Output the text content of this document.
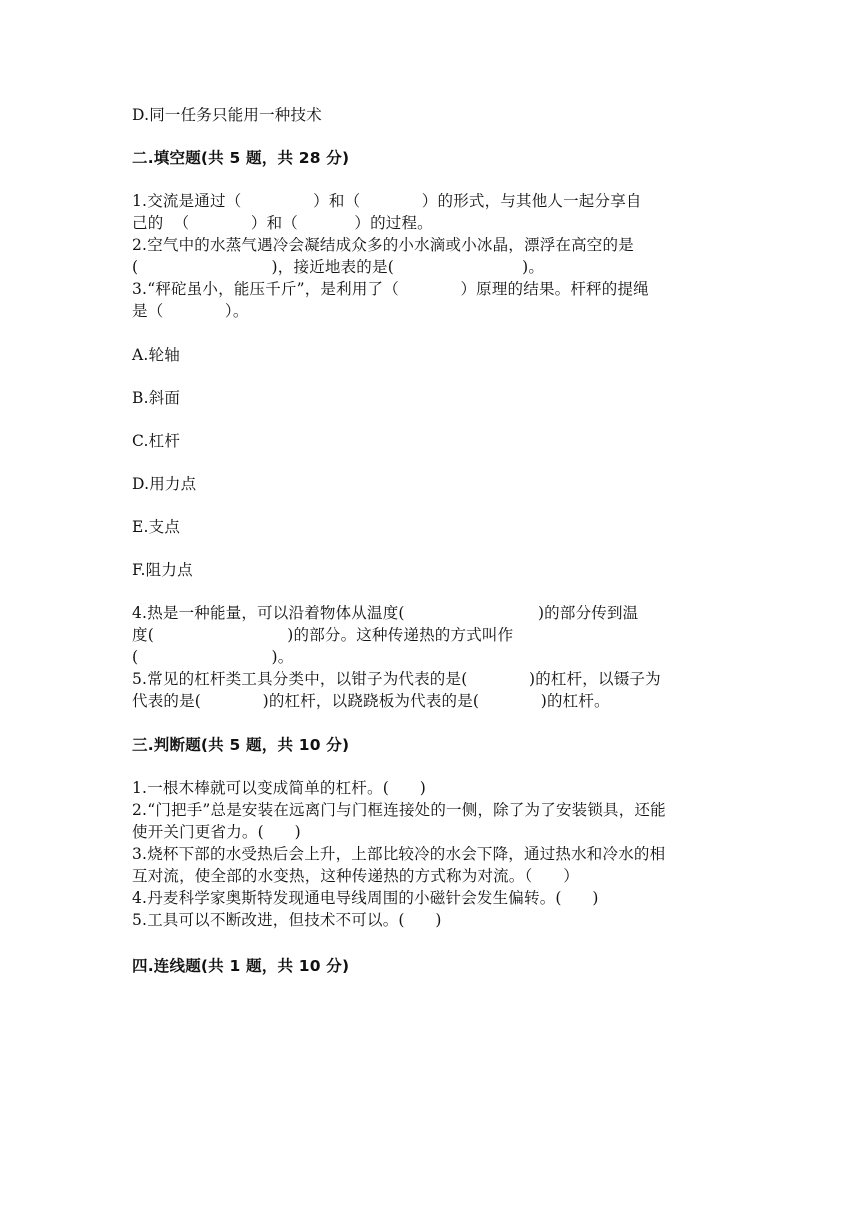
D.同一任务只能用一种技术
二.填空题(共 5 题，共 28 分)
1.交流是通过（              ）和（            ）的形式，与其他人一起分享自
己的  （            ）和（           ）的过程。
2.空气中的水蒸气遇冷会凝结成众多的小水滴或小冰晶，漂浮在高空的是
(                          )，接近地表的是(                         )。
3.“秤砣虽小，能压千斤”，是利用了（            ）原理的结果。杆秤的提绳
是（            ）。
A.轮轴
B.斜面
C.杠杆
D.用力点
E.支点
F.阻力点
4.热是一种能量，可以沿着物体从温度(                          )的部分传到温
度(                          )的部分。这种传递热的方式叫作
(                          )。
5.常见的杠杆类工具分类中，以钳子为代表的是(            )的杠杆，以镊子为
代表的是(            )的杠杆，以跷跷板为代表的是(            )的杠杆。
三.判断题(共 5 题，共 10 分)
1.一根木棒就可以变成简单的杠杆。(      )
2.“门把手”总是安装在远离门与门框连接处的一侧，除了为了安装锁具，还能
使开关门更省力。(      )
3.烧杯下部的水受热后会上升，上部比较冷的水会下降，通过热水和冷水的相
互对流，使全部的水变热，这种传递热的方式称为对流。（      ）
4.丹麦科学家奥斯特发现通电导线周围的小磁针会发生偏转。(      )
5.工具可以不断改进，但技术不可以。(      )
四.连线题(共 1 题，共 10 分)
